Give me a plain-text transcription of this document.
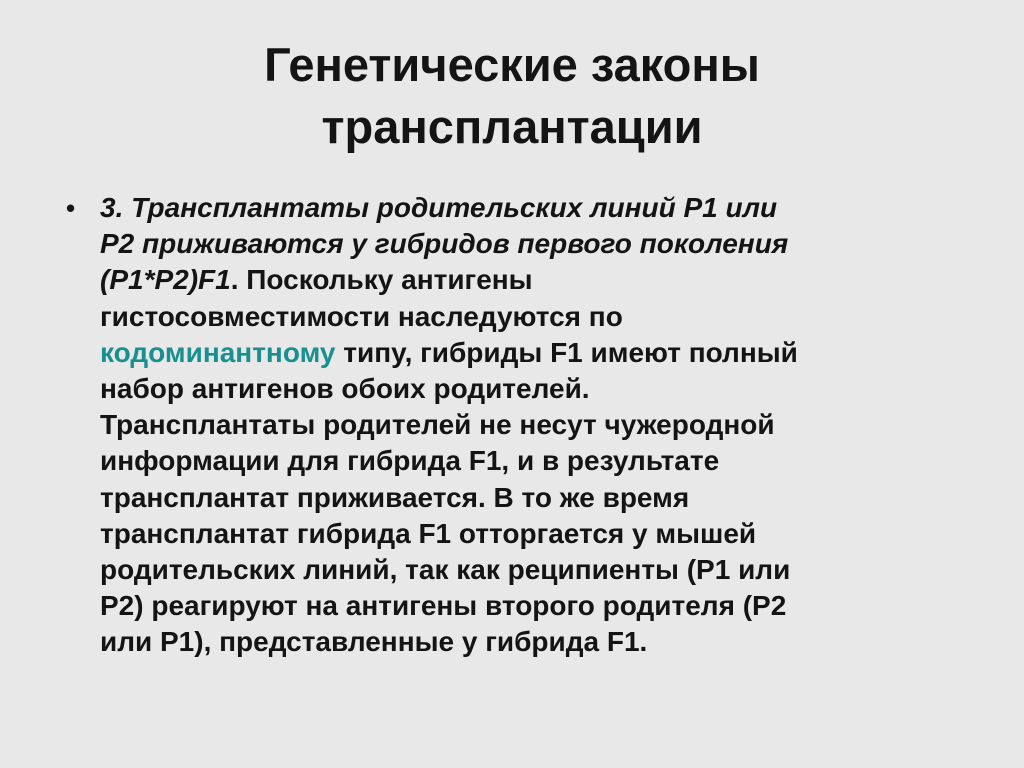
Генетические законы
трансплантации
• 3. Трансплантаты родительских линий Р1 или
Р2 приживаются у гибридов первого поколения
(Р1*Р2)F1. Поскольку антигены
гистосовместимости наследуются по
кодоминантному типу, гибриды F1 имеют полный
набор антигенов обоих родителей.
Трансплантаты родителей не несут чужеродной
информации для гибрида F1, и в результате
трансплантат приживается. В то же время
трансплантат гибрида F1 отторгается у мышей
родительских линий, так как реципиенты (Р1 или
Р2) реагируют на антигены второго родителя (Р2
или Р1), представленные у гибрида F1.
